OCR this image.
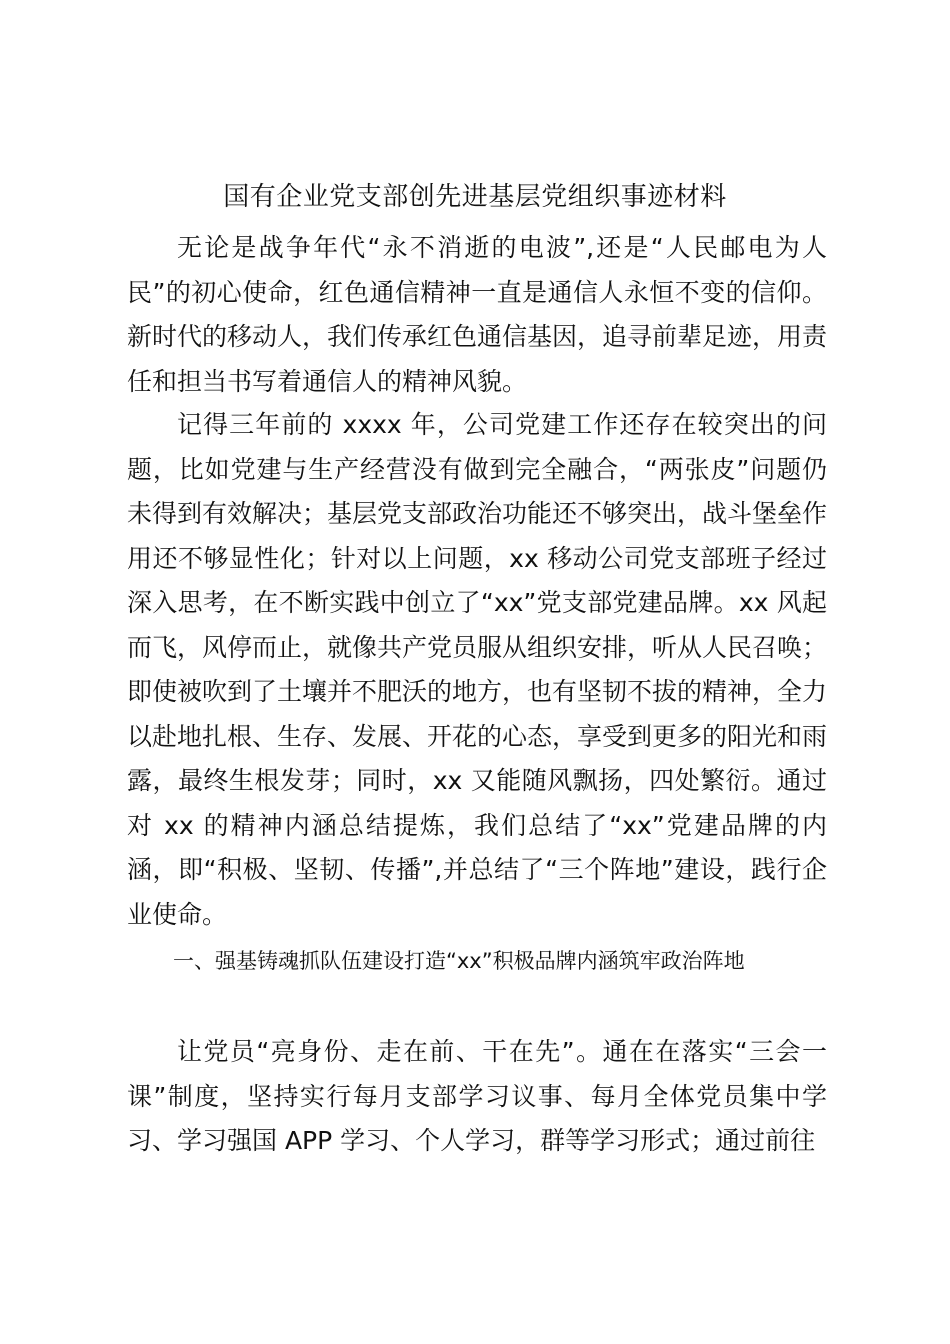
国有企业党支部创先进基层党组织事迹材料

无论是战争年代“永不消逝的电波”,还是“人民邮电为人民”的初心使命，红色通信精神一直是通信人永恒不变的信仰。新时代的移动人，我们传承红色通信基因，追寻前辈足迹，用责任和担当书写着通信人的精神风貌。

记得三年前的 xxxx 年，公司党建工作还存在较突出的问题，比如党建与生产经营没有做到完全融合，“两张皮”问题仍未得到有效解决；基层党支部政治功能还不够突出，战斗堡垒作用还不够显性化；针对以上问题，xx 移动公司党支部班子经过深入思考，在不断实践中创立了“xx”党支部党建品牌。xx 风起而飞，风停而止，就像共产党员服从组织安排，听从人民召唤；即使被吹到了土壤并不肥沃的地方，也有坚韧不拔的精神，全力以赴地扎根、生存、发展、开花的心态，享受到更多的阳光和雨露，最终生根发芽；同时，xx 又能随风飘扬，四处繁衍。通过对 xx 的精神内涵总结提炼，我们总结了“xx”党建品牌的内涵，即“积极、坚韧、传播”,并总结了“三个阵地”建设，践行企业使命。

一、强基铸魂抓队伍建设打造“xx”积极品牌内涵筑牢政治阵地

让党员“亮身份、走在前、干在先”。通在在落实“三会一课”制度，坚持实行每月支部学习议事、每月全体党员集中学习、学习强国 APP 学习、个人学习，群等学习形式；通过前往
